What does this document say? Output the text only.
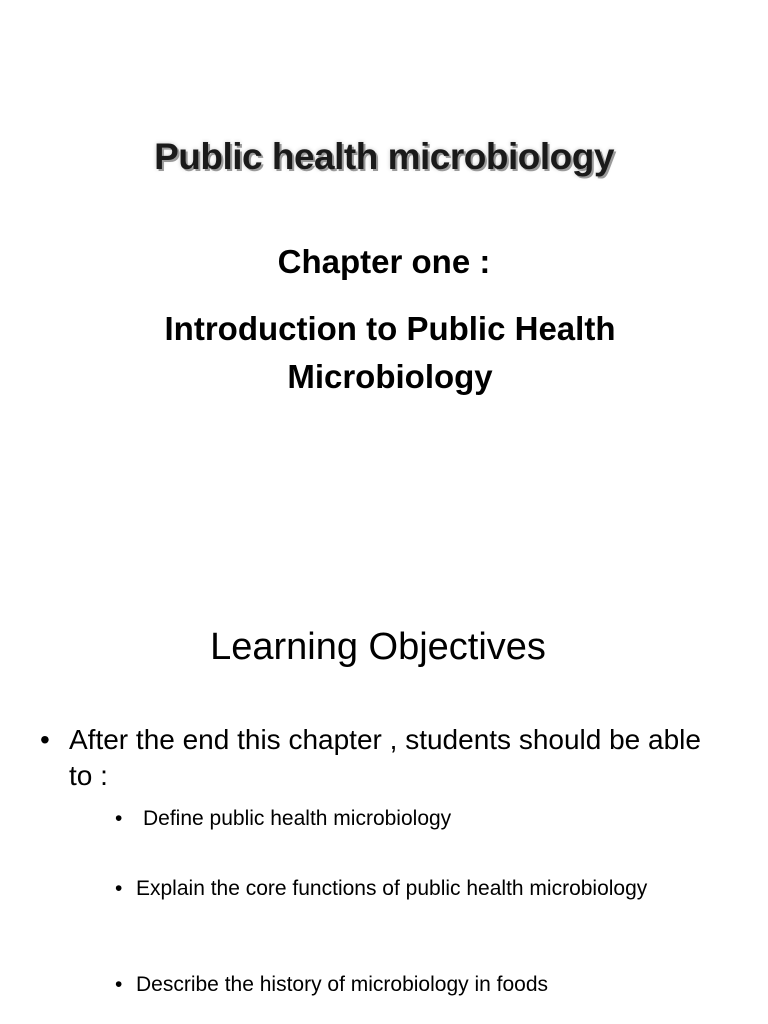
Public health microbiology
Chapter one :
Introduction to Public Health Microbiology
Learning Objectives
• After the end this chapter , students should be able to :
• Define public health microbiology
• Explain the core functions of public health microbiology
• Describe the history of microbiology in foods
